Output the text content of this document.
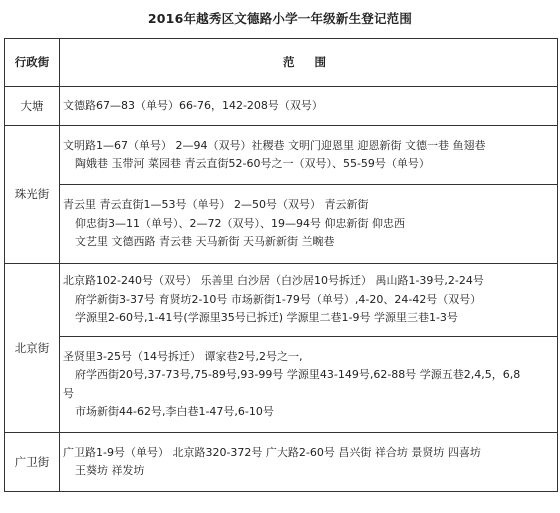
2016年越秀区文德路小学一年级新生登记范围
行政街	范 围
大塘	文德路67—83（单号）66-76，142-208号（双号）

珠光街	文明路1—67（单号） 2—94（双号）社稷巷 文明门迎恩里 迎恩新街 文德一巷 鱼翅巷
陶娥巷 玉带河 菜园巷 青云直街52-60号之一（双号）、55-59号（单号）

	青云里 青云直街1—53号（单号） 2—50号（双号） 青云新街
仰忠街3—11（单号）、2—72（双号）、19—94号 仰忠新街 仰忠西
文艺里 文德西路 青云巷 天马新街 天马新新街 兰畹巷

北京街	北京路102-240号（双号） 乐善里 白沙居（白沙居10号拆迁） 禺山路1-39号,2-24号
府学新街3-37号 育贤坊2-10号 市场新街1-79号（单号）,4-20、24-42号（双号）
学源里2-60号,1-41号(学源里35号已拆迁) 学源里二巷1-9号 学源里三巷1-3号

	圣贤里3-25号（14号拆迁） 谭家巷2号,2号之一,
府学西街20号,37-73号,75-89号,93-99号 学源里43-149号,62-88号 学源五巷2,4,5，6,8
号
市场新街44-62号,李白巷1-47号,6-10号

广卫街	广卫路1-9号（单号） 北京路320-372号 广大路2-60号 昌兴街 祥合坊 景贤坊 四喜坊
王葵坊 祥发坊
